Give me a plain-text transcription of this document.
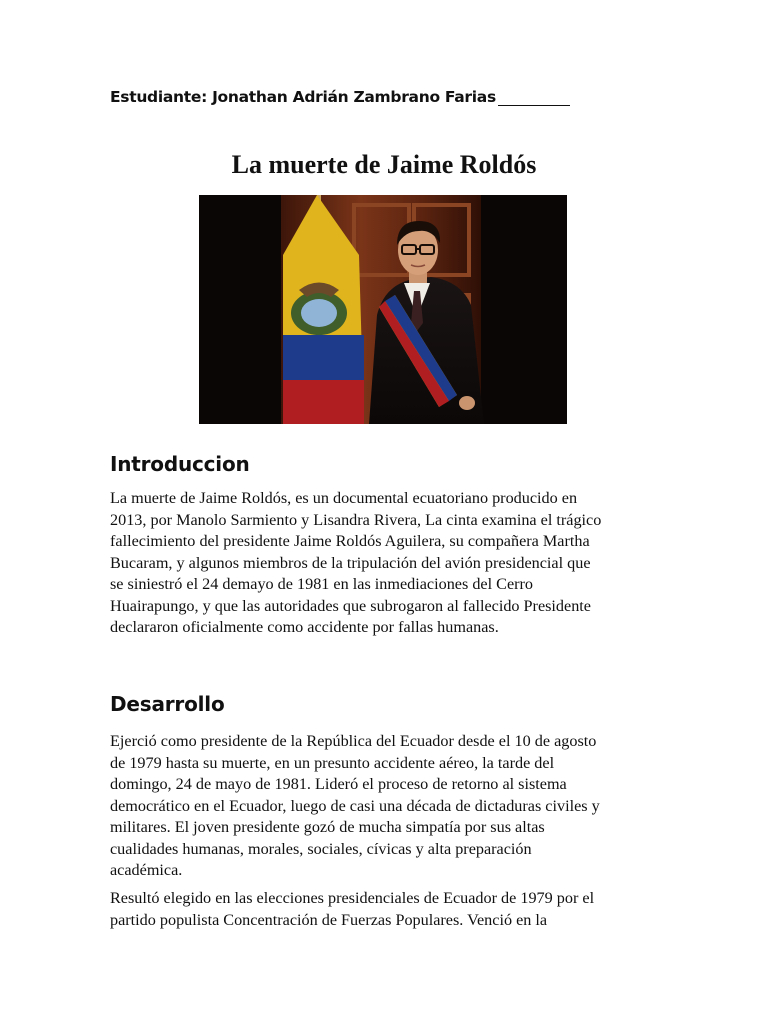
Estudiante: Jonathan Adrián Zambrano Farias
La muerte de Jaime Roldós
Introduccion
La muerte de Jaime Roldós, es un documental ecuatoriano producido en
2013, por Manolo Sarmiento y Lisandra Rivera, La cinta examina el trágico
fallecimiento del presidente Jaime Roldós Aguilera, su compañera Martha
Bucaram, y algunos miembros de la tripulación del avión presidencial que
se siniestró el 24 demayo de 1981 en las inmediaciones del Cerro
Huairapungo, y que las autoridades que subrogaron al fallecido Presidente
declararon oficialmente como accidente por fallas humanas.
Desarrollo
Ejerció como presidente de la República del Ecuador desde el 10 de agosto
de 1979 hasta su muerte, en un presunto accidente aéreo, la tarde del
domingo, 24 de mayo de 1981. Lideró el proceso de retorno al sistema
democrático en el Ecuador, luego de casi una década de dictaduras civiles y
militares. El joven presidente gozó de mucha simpatía por sus altas
cualidades humanas, morales, sociales, cívicas y alta preparación
académica.
Resultó elegido en las elecciones presidenciales de Ecuador de 1979 por el
partido populista Concentración de Fuerzas Populares. Venció en la
